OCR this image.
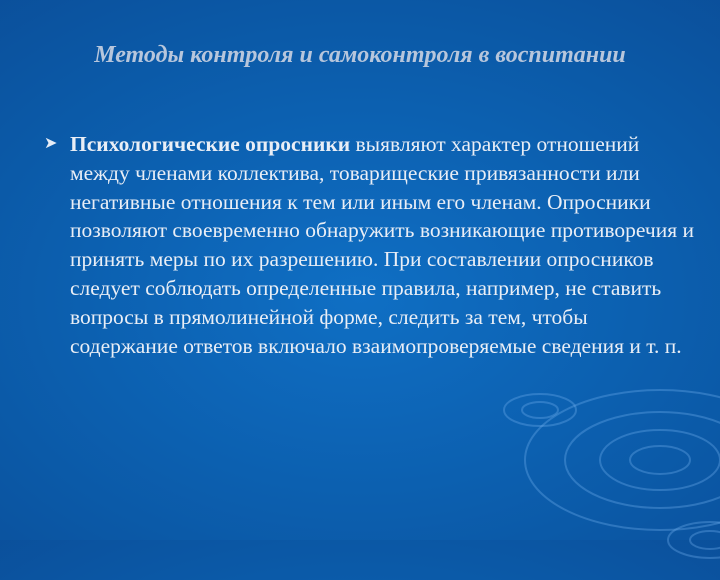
Методы контроля и самоконтроля в воспитании
➤ Психологические опросники выявляют характер отношений между членами коллектива, товарищеские привязанности или негативные отношения к тем или иным его членам. Опросники позволяют своевременно обнаружить возникающие противоречия и принять меры по их разрешению. При составлении опросников следует соблюдать определенные правила, например, не ставить вопросы в прямолинейной форме, следить за тем, чтобы содержание ответов включало взаимопроверяемые сведения и т. п.
